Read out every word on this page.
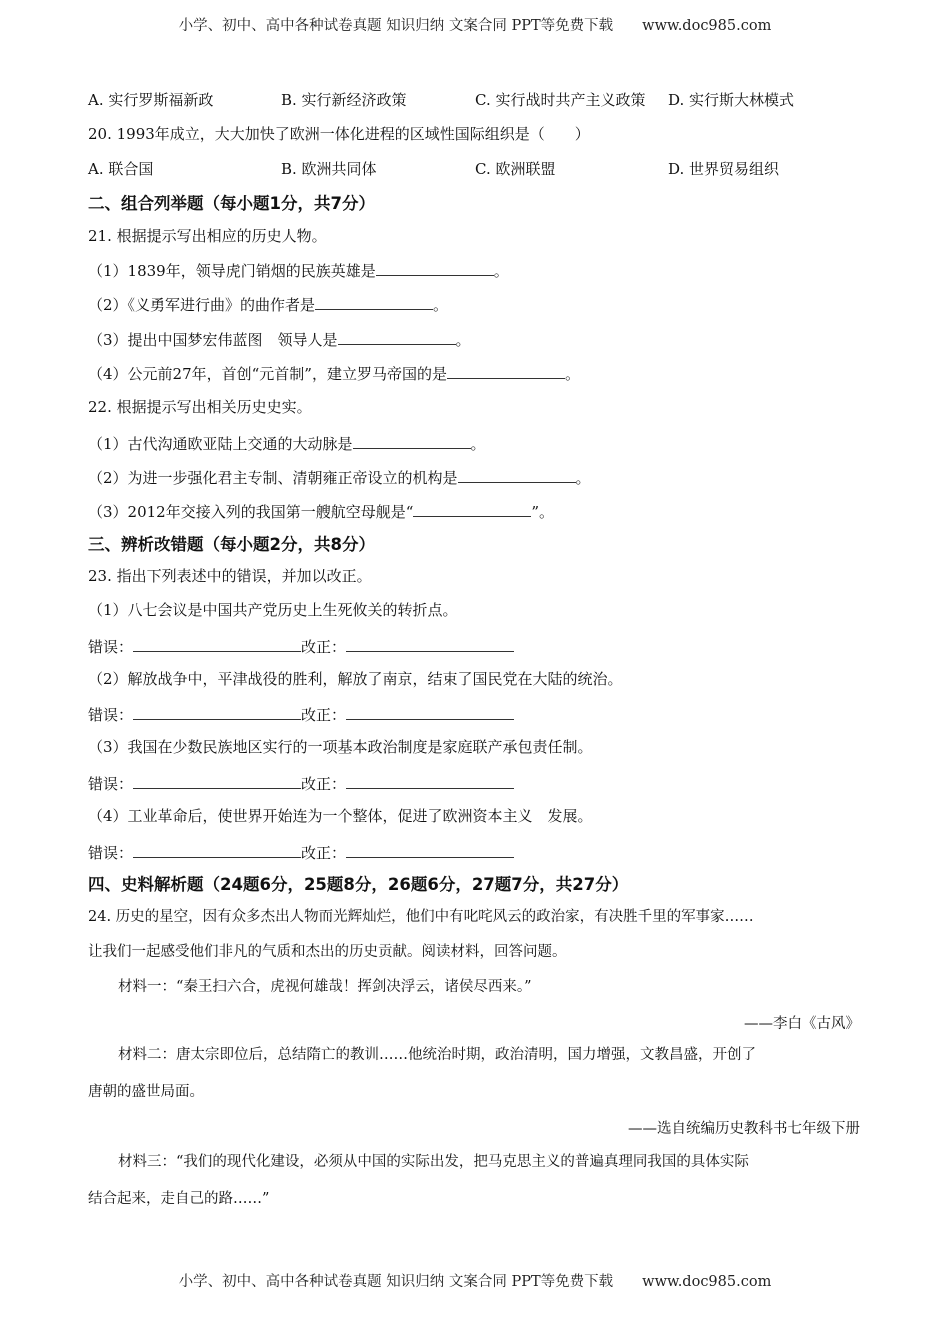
小学、初中、高中各种试卷真题 知识归纳 文案合同 PPT等免费下载　　www.doc985.com
A. 实行罗斯福新政	B. 实行新经济政策	C. 实行战时共产主义政策 D. 实行斯大林模式
20. 1993年成立，大大加快了欧洲一体化进程的区域性国际组织是（　　）
A. 联合国	B. 欧洲共同体	C. 欧洲联盟	D. 世界贸易组织
二、组合列举题（每小题1分，共7分）
21. 根据提示写出相应的历史人物。
（1）1839年，领导虎门销烟的民族英雄是	。
（2）《义勇军进行曲》的曲作者是	。
（3）提出中国梦宏伟蓝图　领导人是	。
（4）公元前27年，首创“元首制”，建立罗马帝国的是	。
22. 根据提示写出相关历史史实。
（1）古代沟通欧亚陆上交通的大动脉是	。
（2）为进一步强化君主专制、清朝雍正帝设立的机构是	。
（3）2012年交接入列的我国第一艘航空母舰是“	”。
三、辨析改错题（每小题2分，共8分）
23. 指出下列表述中的错误，并加以改正。
（1）八七会议是中国共产党历史上生死攸关的转折点。
错误：	改正：
（2）解放战争中，平津战役的胜利，解放了南京，结束了国民党在大陆的统治。
错误：	改正：
（3）我国在少数民族地区实行的一项基本政治制度是家庭联产承包责任制。
错误：	改正：
（4）工业革命后，使世界开始连为一个整体，促进了欧洲资本主义　发展。
错误：	改正：
四、史料解析题（24题6分，25题8分，26题6分，27题7分，共27分）
24. 历史的星空，因有众多杰出人物而光辉灿烂，他们中有叱咤风云的政治家，有决胜千里的军事家……
让我们一起感受他们非凡的气质和杰出的历史贡献。阅读材料，回答问题。
材料一：“秦王扫六合，虎视何雄哉！挥剑决浮云，诸侯尽西来。”
——李白《古风》
材料二：唐太宗即位后，总结隋亡的教训……他统治时期，政治清明，国力增强，文教昌盛，开创了
唐朝的盛世局面。
——选自统编历史教科书七年级下册
材料三：“我们的现代化建设，必须从中国的实际出发，把马克思主义的普遍真理同我国的具体实际
结合起来，走自己的路……”
小学、初中、高中各种试卷真题 知识归纳 文案合同 PPT等免费下载　　www.doc985.com
